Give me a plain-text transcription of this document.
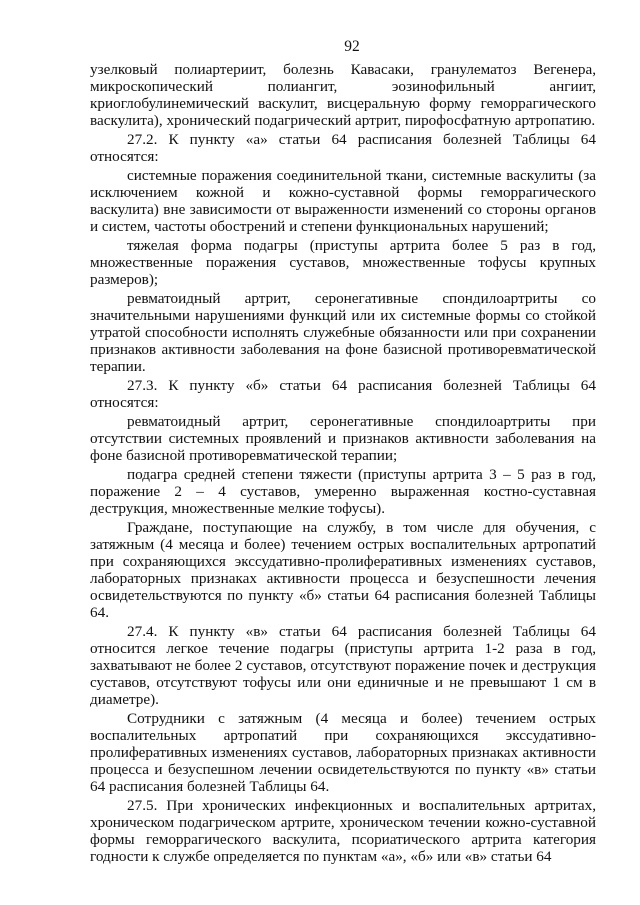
92

узелковый полиартериит, болезнь Кавасаки, гранулематоз Вегенера, микроскопический полиангит, эозинофильный ангиит, криоглобулинемический васкулит, висцеральную форму геморрагического васкулита), хронический подагрический артрит, пирофосфатную артропатию.

27.2. К пункту «а» статьи 64 расписания болезней Таблицы 64 относятся:

системные поражения соединительной ткани, системные васкулиты (за исключением кожной и кожно-суставной формы геморрагического васкулита) вне зависимости от выраженности изменений со стороны органов и систем, частоты обострений и степени функциональных нарушений;

тяжелая форма подагры (приступы артрита более 5 раз в год, множественные поражения суставов, множественные тофусы крупных размеров);

ревматоидный артрит, серонегативные спондилоартриты со значительными нарушениями функций или их системные формы со стойкой утратой способности исполнять служебные обязанности или при сохранении признаков активности заболевания на фоне базисной противоревматической терапии.

27.3. К пункту «б» статьи 64 расписания болезней Таблицы 64 относятся:

ревматоидный артрит, серонегативные спондилоартриты при отсутствии системных проявлений и признаков активности заболевания на фоне базисной противоревматической терапии;

подагра средней степени тяжести (приступы артрита 3 – 5 раз в год, поражение 2 – 4 суставов, умеренно выраженная костно-суставная деструкция, множественные мелкие тофусы).

Граждане, поступающие на службу, в том числе для обучения, с затяжным (4 месяца и более) течением острых воспалительных артропатий при сохраняющихся экссудативно-пролиферативных изменениях суставов, лабораторных признаках активности процесса и безуспешности лечения освидетельствуются по пункту «б» статьи 64 расписания болезней Таблицы 64.

27.4. К пункту «в» статьи 64 расписания болезней Таблицы 64 относится легкое течение подагры (приступы артрита 1-2 раза в год, захватывают не более 2 суставов, отсутствуют поражение почек и деструкция суставов, отсутствуют тофусы или они единичные и не превышают 1 см в диаметре).

Сотрудники с затяжным (4 месяца и более) течением острых воспалительных артропатий при сохраняющихся экссудативно-пролиферативных изменениях суставов, лабораторных признаках активности процесса и безуспешном лечении освидетельствуются по пункту «в» статьи 64 расписания болезней Таблицы 64.

27.5. При хронических инфекционных и воспалительных артритах, хроническом подагрическом артрите, хроническом течении кожно-суставной формы геморрагического васкулита, псориатического артрита категория годности к службе определяется по пунктам «а», «б» или «в» статьи 64
